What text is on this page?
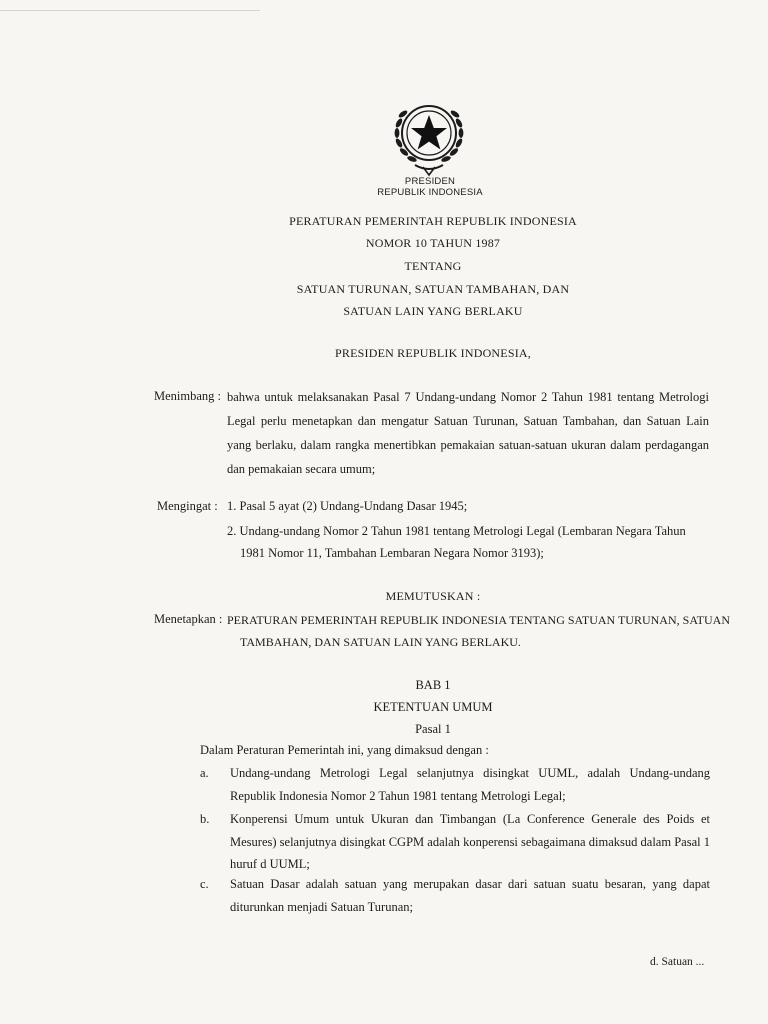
PRESIDEN
REPUBLIK INDONESIA
PERATURAN PEMERINTAH REPUBLIK INDONESIA
NOMOR 10 TAHUN 1987
TENTANG
SATUAN TURUNAN, SATUAN TAMBAHAN, DAN
SATUAN LAIN YANG BERLAKU
PRESIDEN REPUBLIK INDONESIA,
Menimbang : bahwa untuk melaksanakan Pasal 7 Undang-undang Nomor 2 Tahun 1981 tentang Metrologi Legal perlu menetapkan dan mengatur Satuan Turunan, Satuan Tambahan, dan Satuan Lain yang berlaku, dalam rangka menertibkan pemakaian satuan-satuan ukuran dalam perdagangan dan pemakaian secara umum;
Mengingat : 1. Pasal 5 ayat (2) Undang-Undang Dasar 1945;
2. Undang-undang Nomor 2 Tahun 1981 tentang Metrologi Legal (Lembaran Negara Tahun
1981 Nomor 11, Tambahan Lembaran Negara Nomor 3193);
MEMUTUSKAN :
Menetapkan : PERATURAN PEMERINTAH REPUBLIK INDONESIA TENTANG SATUAN TURUNAN, SATUAN
TAMBAHAN, DAN SATUAN LAIN YANG BERLAKU.
BAB 1
KETENTUAN UMUM
Pasal 1
Dalam Peraturan Pemerintah ini, yang dimaksud dengan :
a. Undang-undang Metrologi Legal selanjutnya disingkat UUML, adalah Undang-undang Republik Indonesia Nomor 2 Tahun 1981 tentang Metrologi Legal;
b. Konperensi Umum untuk Ukuran dan Timbangan (La Conference Generale des Poids et Mesures) selanjutnya disingkat CGPM adalah konperensi sebagaimana dimaksud dalam Pasal 1 huruf d UUML;
c. Satuan Dasar adalah satuan yang merupakan dasar dari satuan suatu besaran, yang dapat diturunkan menjadi Satuan Turunan;
d. Satuan ...
